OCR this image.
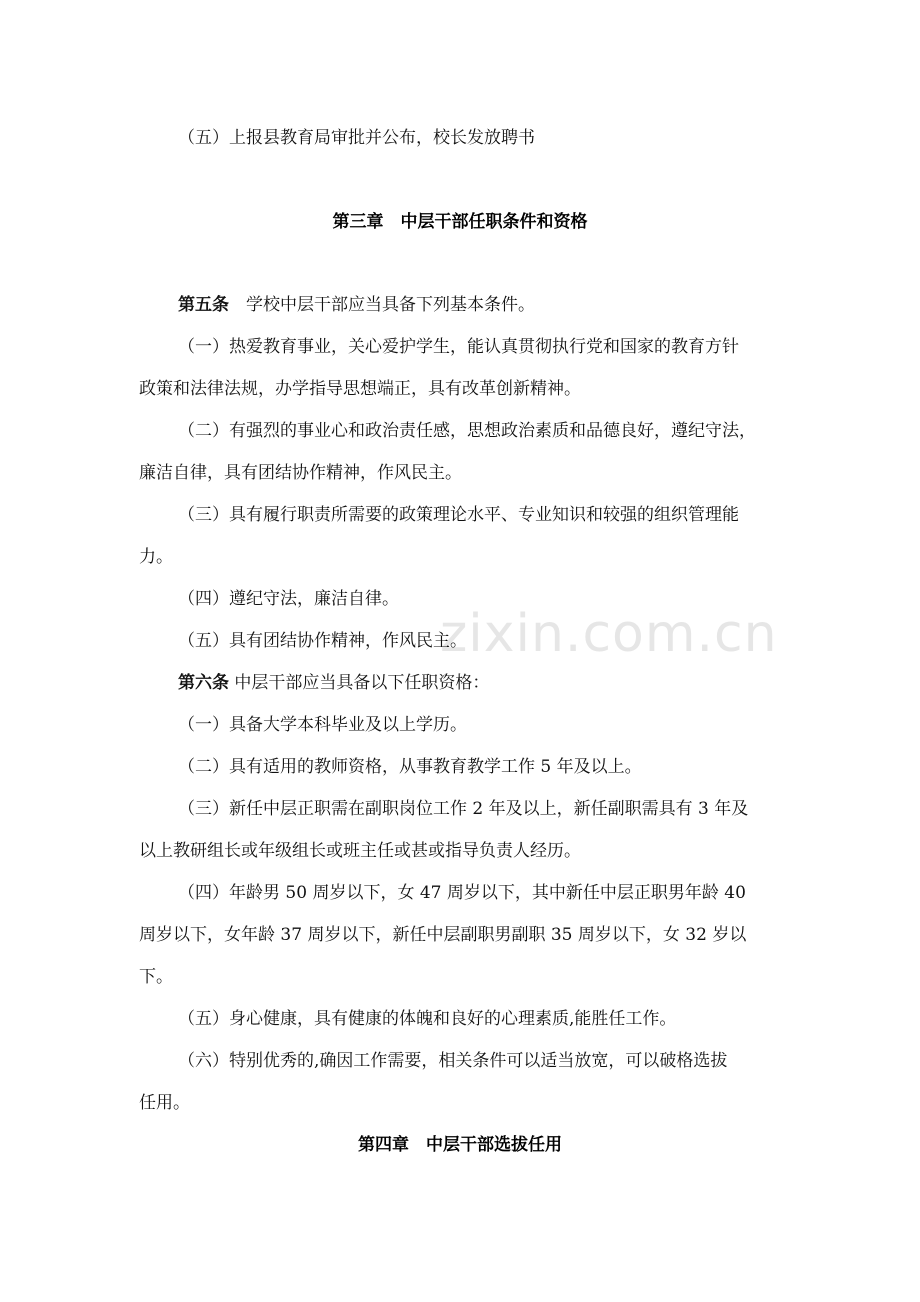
zixin.com.cn
（五）上报县教育局审批并公布，校长发放聘书
第三章　中层干部任职条件和资格
第五条　学校中层干部应当具备下列基本条件。
（一）热爱教育事业，关心爱护学生，能认真贯彻执行党和国家的教育方针
政策和法律法规，办学指导思想端正，具有改革创新精神。
（二）有强烈的事业心和政治责任感，思想政治素质和品德良好，遵纪守法，
廉洁自律，具有团结协作精神，作风民主。
（三）具有履行职责所需要的政策理论水平、专业知识和较强的组织管理能
力。
（四）遵纪守法，廉洁自律。
（五）具有团结协作精神，作风民主。
第六条 中层干部应当具备以下任职资格：
（一）具备大学本科毕业及以上学历。
（二）具有适用的教师资格，从事教育教学工作 5 年及以上。
（三）新任中层正职需在副职岗位工作 2 年及以上，新任副职需具有 3 年及
以上教研组长或年级组长或班主任或甚或指导负责人经历。
（四）年龄男 50 周岁以下，女 47 周岁以下，其中新任中层正职男年龄 40
周岁以下，女年龄 37 周岁以下，新任中层副职男副职 35 周岁以下，女 32 岁以
下。
（五）身心健康，具有健康的体魄和良好的心理素质,能胜任工作。
（六）特别优秀的,确因工作需要，相关条件可以适当放宽，可以破格选拔
任用。
第四章　中层干部选拔任用
